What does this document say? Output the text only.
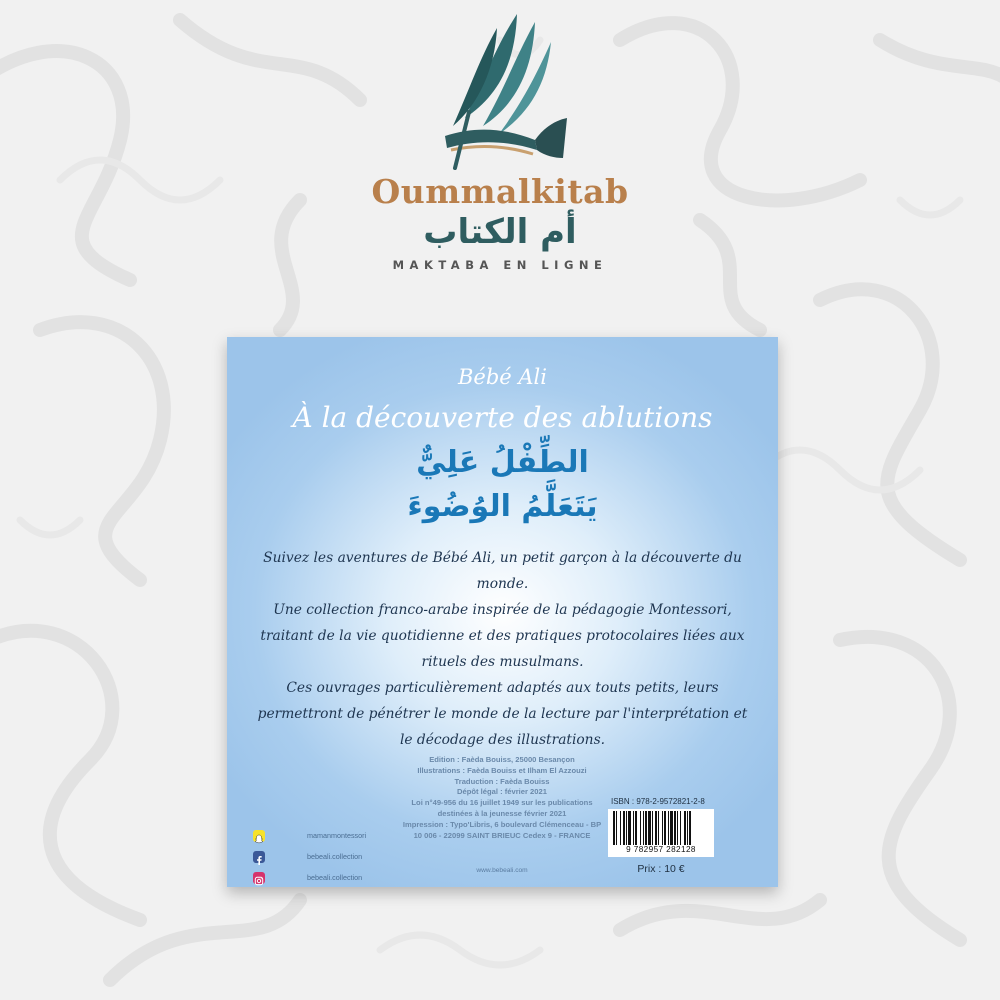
Oummalkitab
أم الكتاب
MAKTABA EN LIGNE
Bébé Ali
À la découverte des ablutions
الطِّفْلُ عَلِيٌّ
يَتَعَلَّمُ الوُضُوءَ

Suivez les aventures de Bébé Ali, un petit garçon à la découverte du monde.

Une collection franco-arabe inspirée de la pédagogie Montessori, traitant de la vie quotidienne et des pratiques protocolaires liées aux rituels des musulmans.

Ces ouvrages particulièrement adaptés aux touts petits, leurs permettront de pénétrer le monde de la lecture par l'interprétation et le décodage des illustrations.

Edition : Faèda Bouiss, 25000 Besançon
Illustrations : Faèda Bouiss et Ilham El Azzouzi
Traduction : Faèda Bouiss
Dépôt légal : février 2021
Loi n°49-956 du 16 juillet 1949 sur les publications
destinées à la jeunesse février 2021
Impression : Typo'Libris, 6 boulevard Clémenceau - BP
10 006 - 22099 SAINT BRIEUC Cedex 9 - FRANCE
mamanmontessori
bebeali.collection
bebeali.collection
www.bebeali.com
ISBN : 978-2-9572821-2-8
9 782957 282128
Prix : 10 €
